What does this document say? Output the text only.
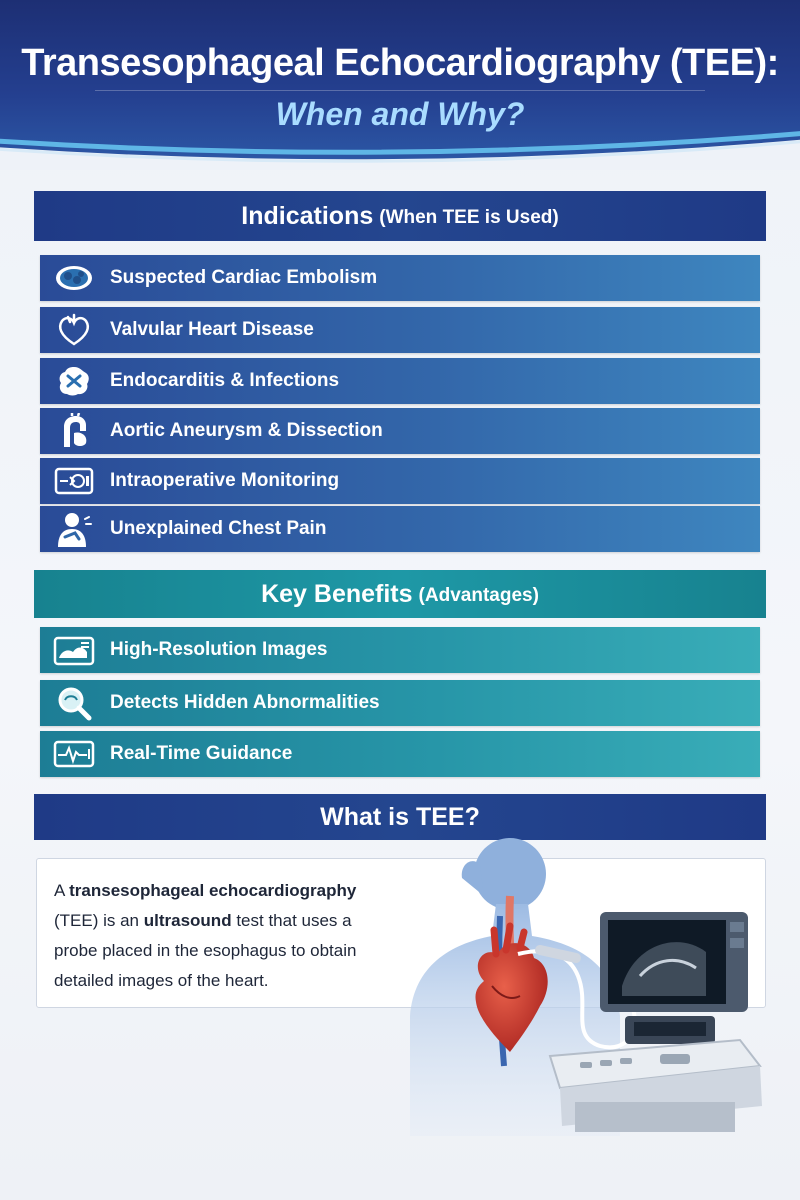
Transesophageal Echocardiography (TEE):
When and Why?
Indications (When TEE is Used)
Suspected Cardiac Embolism
Valvular Heart Disease
Endocarditis & Infections
Aortic Aneurysm & Dissection
Intraoperative Monitoring
Unexplained Chest Pain
Key Benefits (Advantages)
High-Resolution Images
Detects Hidden Abnormalities
Real-Time Guidance
What is TEE?
A transesophageal echocardiography (TEE) is an ultrasound test that uses a probe placed in the esophagus to obtain detailed images of the heart.
